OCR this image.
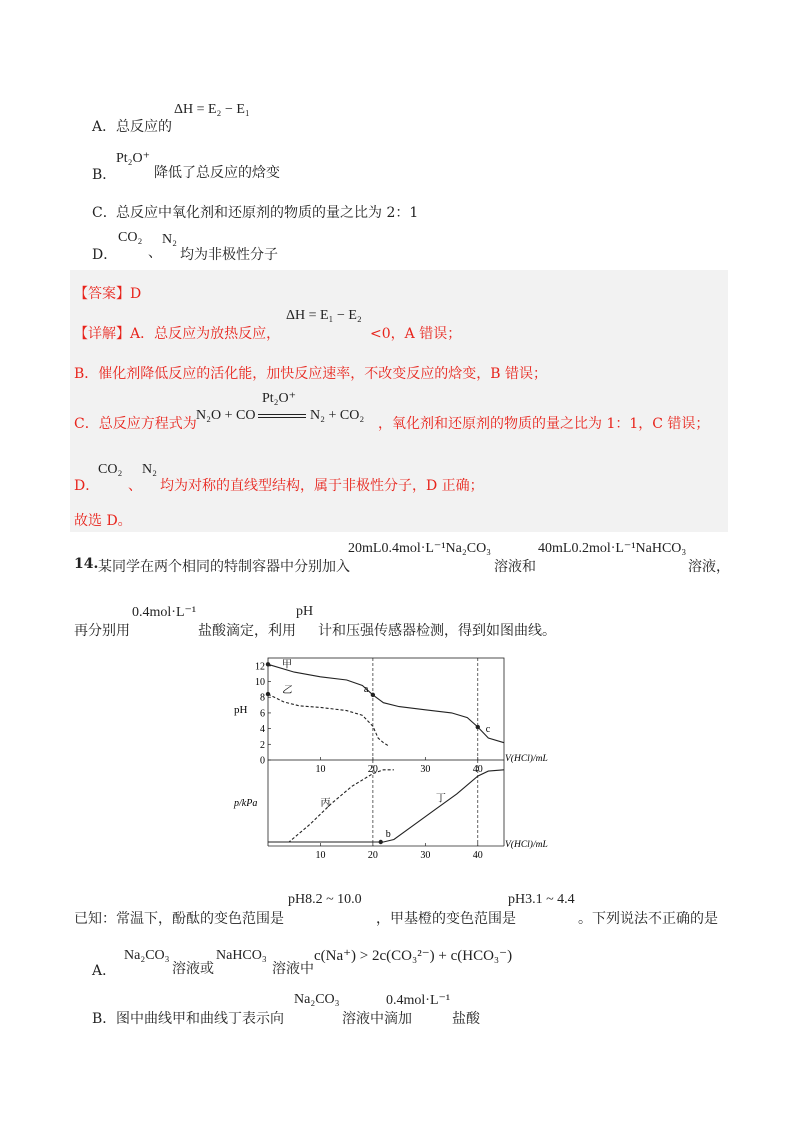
A． 总反应的
ΔH = E₂ − E₁
B．
Pt₂O⁺
降低了总反应的焓变
C． 总反应中氧化剂和还原剂的物质的量之比为 2：1
D．
CO₂
、
N₂
均为非极性分子
【答案】D
【详解】 A．总反应为放热反应，
ΔH = E₁ − E₂
<0，A 错误；
B．催化剂降低反应的活化能，加快反应速率，不改变反应的焓变，B 错误；
C．总反应方程式为
N₂O + CO
Pt₂O⁺
N₂ + CO₂
，氧化剂和还原剂的物质的量之比为 1：1，C 错误；
D．
CO₂
、
N₂
均为对称的直线型结构，属于非极性分子，D 正确；
故选 D。
14. 某同学在两个相同的特制容器中分别加入
20mL0.4mol·L⁻¹Na₂CO₃
溶液和
40mL0.2mol·L⁻¹NaHCO₃
溶液，
再分别用
0.4mol·L⁻¹
盐酸滴定，利用
pH
计和压强传感器检测，得到如图曲线。
0
2
4
6
8
10
12
10	20	30	40
pH
V(HCl)/mL
甲
乙	a
c
10	20	30	40
p/kPa
V(HCl)/mL
丙	丁
b
已知：常温下，酚酞的变色范围是
pH8.2 ~ 10.0
，甲基橙的变色范围是
pH3.1 ~ 4.4
。下列说法不正确的是
A．
Na₂CO₃
溶液或
NaHCO₃
溶液中
c(Na⁺) > 2c(CO₃²⁻) + c(HCO₃⁻)
B． 图中曲线甲和曲线丁表示向
Na₂CO₃
溶液中滴加
0.4mol·L⁻¹
盐酸
